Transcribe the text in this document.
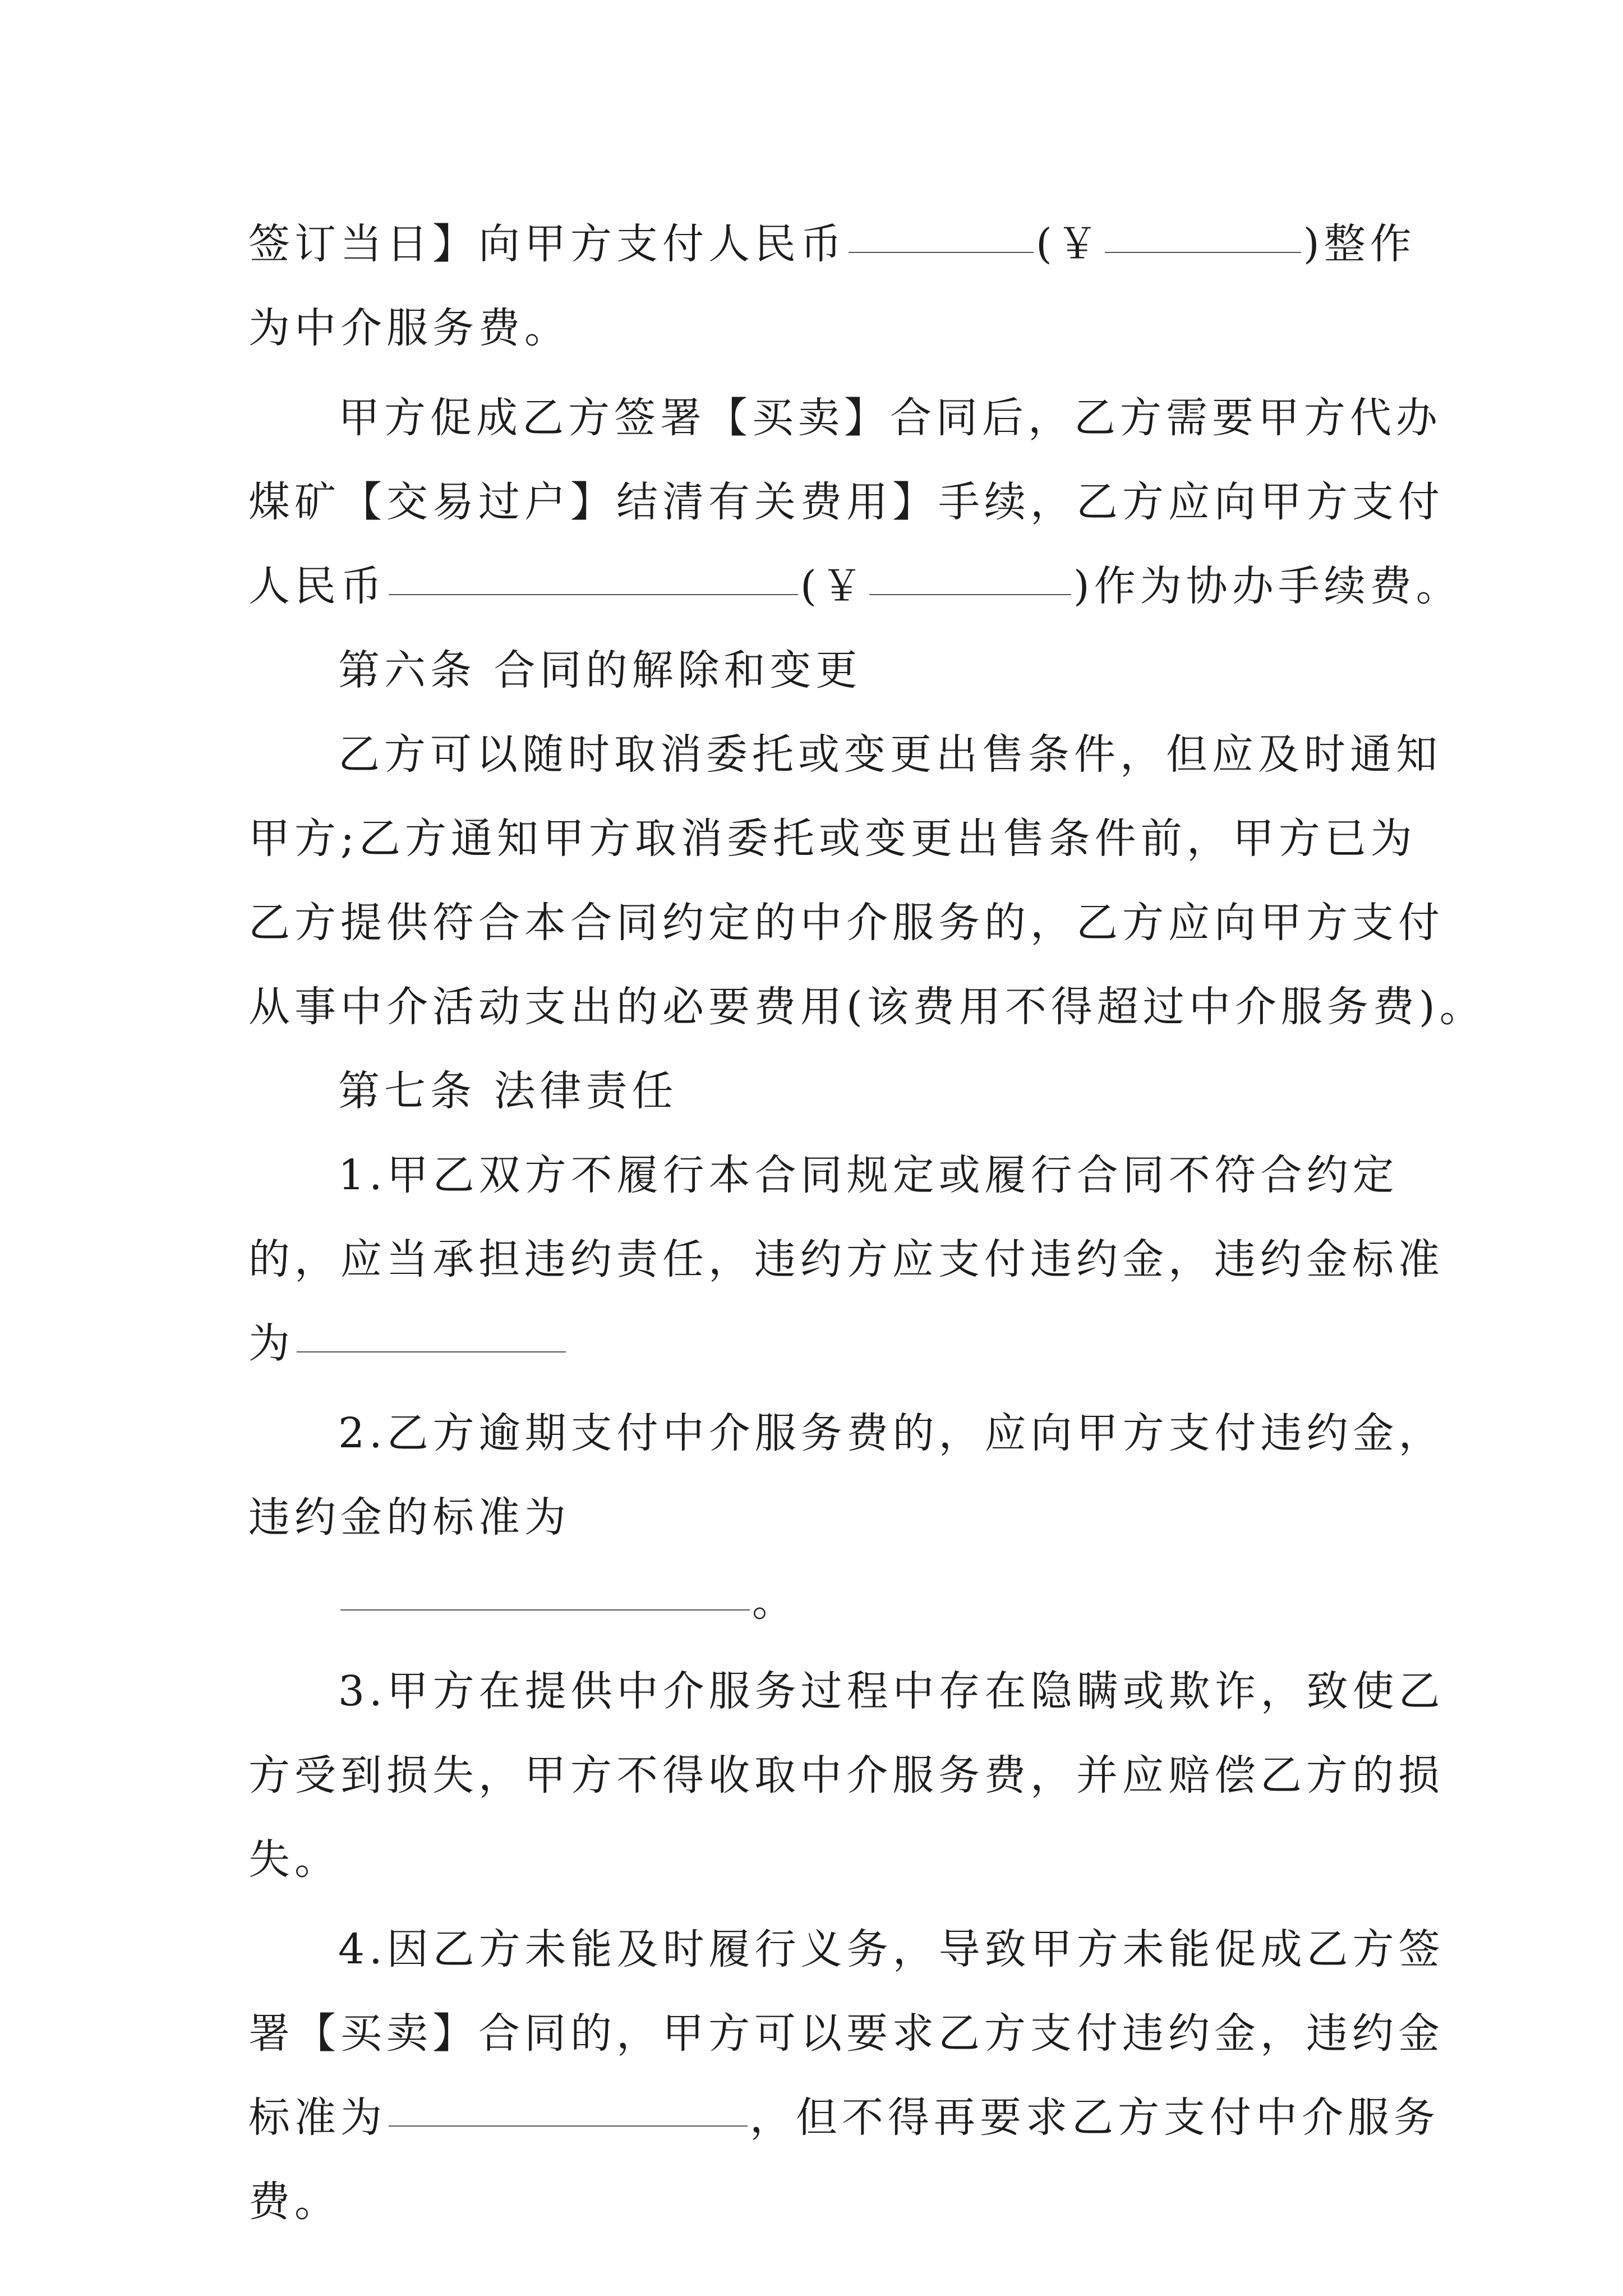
签订当日】向甲方支付人民币	(￥	)整作
为中介服务费。
甲方促成乙方签署【买卖】合同后，乙方需要甲方代办
煤矿【交易过户】结清有关费用】手续，乙方应向甲方支付
人民币	(￥	)作为协办手续费。
第六条 合同的解除和变更
乙方可以随时取消委托或变更出售条件，但应及时通知
甲方;乙方通知甲方取消委托或变更出售条件前，甲方已为
乙方提供符合本合同约定的中介服务的，乙方应向甲方支付
从事中介活动支出的必要费用(该费用不得超过中介服务费)。
第七条 法律责任
1.甲乙双方不履行本合同规定或履行合同不符合约定
的，应当承担违约责任，违约方应支付违约金，违约金标准
为
2.乙方逾期支付中介服务费的，应向甲方支付违约金，
违约金的标准为
。
3.甲方在提供中介服务过程中存在隐瞒或欺诈，致使乙
方受到损失，甲方不得收取中介服务费，并应赔偿乙方的损
失。
4.因乙方未能及时履行义务，导致甲方未能促成乙方签
署【买卖】合同的，甲方可以要求乙方支付违约金，违约金
标准为	，但不得再要求乙方支付中介服务
费。
